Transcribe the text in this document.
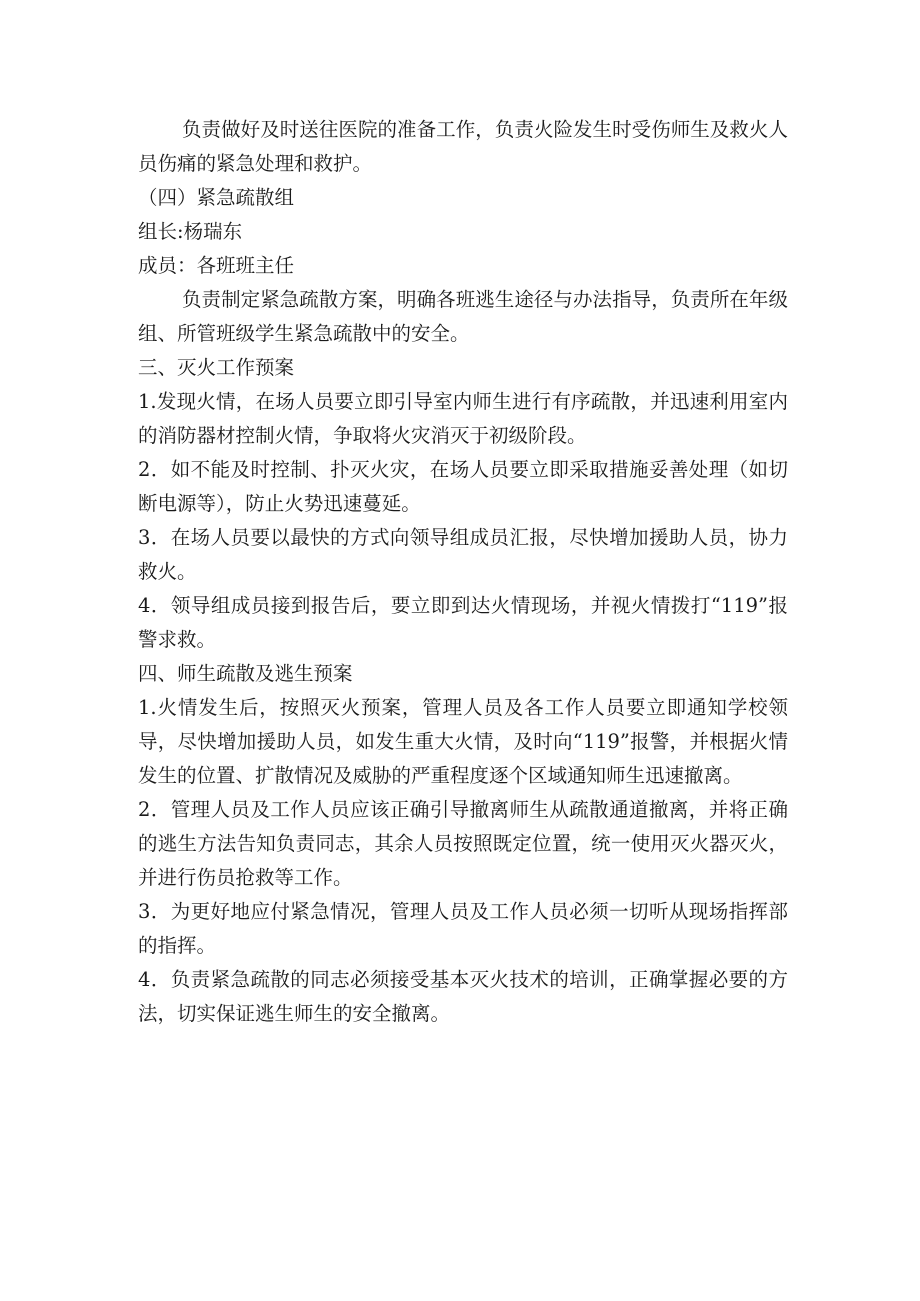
负责做好及时送往医院的准备工作，负责火险发生时受伤师生及救火人员伤痛的紧急处理和救护。

（四）紧急疏散组

组长:杨瑞东

成员：各班班主任

负责制定紧急疏散方案，明确各班逃生途径与办法指导，负责所在年级组、所管班级学生紧急疏散中的安全。

三、灭火工作预案

1.发现火情，在场人员要立即引导室内师生进行有序疏散，并迅速利用室内的消防器材控制火情，争取将火灾消灭于初级阶段。

2．如不能及时控制、扑灭火灾，在场人员要立即采取措施妥善处理（如切断电源等），防止火势迅速蔓延。

3．在场人员要以最快的方式向领导组成员汇报，尽快增加援助人员，协力救火。

4．领导组成员接到报告后，要立即到达火情现场，并视火情拨打“119”报警求救。

四、师生疏散及逃生预案

1.火情发生后，按照灭火预案，管理人员及各工作人员要立即通知学校领导，尽快增加援助人员，如发生重大火情，及时向“119”报警，并根据火情发生的位置、扩散情况及威胁的严重程度逐个区域通知师生迅速撤离。

2．管理人员及工作人员应该正确引导撤离师生从疏散通道撤离，并将正确的逃生方法告知负责同志，其余人员按照既定位置，统一使用灭火器灭火，并进行伤员抢救等工作。

3．为更好地应付紧急情况，管理人员及工作人员必须一切听从现场指挥部的指挥。

4．负责紧急疏散的同志必须接受基本灭火技术的培训，正确掌握必要的方法，切实保证逃生师生的安全撤离。
